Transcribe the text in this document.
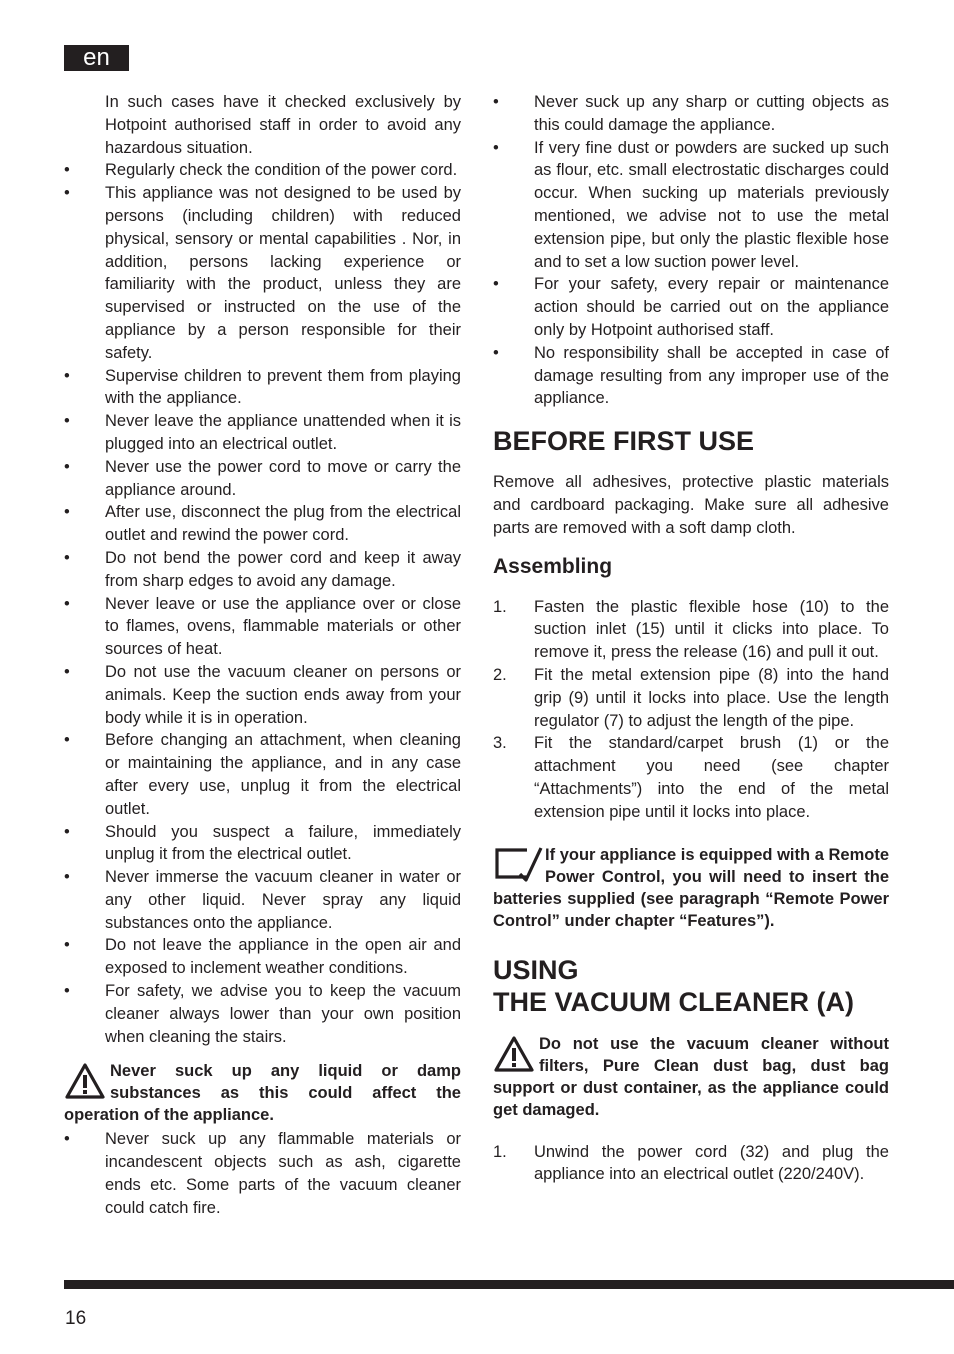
en

In such cases have it checked exclusively by Hotpoint authorised staff in order to avoid any hazardous situation.

•	Regularly check the condition of the power cord.
•	This appliance was not designed to be used by persons (including children) with reduced physical, sensory or mental capabilities . Nor, in addition, persons lacking experience or familiarity with the product, unless they are supervised or instructed on the use of the appliance by a person responsible for their safety.
•	Supervise children to prevent them from playing with the appliance.
•	Never leave the appliance unattended when it is plugged into an electrical outlet.
•	Never use the power cord to move or carry the appliance around.
•	After use, disconnect the plug from the electrical outlet and rewind the power cord.
•	Do not bend the power cord and keep it away from sharp edges to avoid any damage.
•	Never leave or use the appliance over or close to flames, ovens, flammable materials or other sources of heat.
•	Do not use the vacuum cleaner on persons or animals. Keep the suction ends away from your body while it is in operation.
•	Before changing an attachment, when cleaning or maintaining the appliance, and in any case after every use, unplug it from the electrical outlet.
•	Should you suspect a failure, immediately unplug it from the electrical outlet.
•	Never immerse the vacuum cleaner in water or any other liquid. Never spray any liquid substances onto the appliance.
•	Do not leave the appliance in the open air and exposed to inclement weather conditions.
•	For safety, we advise you to keep the vacuum cleaner always lower than your own position when cleaning the stairs.
Never suck up any liquid or damp substances as this could affect the operation of the appliance.
•	Never suck up any flammable materials or incandescent objects such as ash, cigarette ends etc. Some parts of the vacuum cleaner could catch fire.
•	Never suck up any sharp or cutting objects as this could damage the appliance.
•	If very fine dust or powders are sucked up such as flour, etc. small electrostatic discharges could occur. When sucking up materials previously mentioned, we advise not to use the metal extension pipe, but only the plastic flexible hose and to set a low suction power level.
•	For your safety, every repair or maintenance action should be carried out on the appliance only by Hotpoint authorised staff.
•	No responsibility shall be accepted in case of damage resulting from any improper use of the appliance.
BEFORE FIRST USE

Remove all adhesives, protective plastic materials and cardboard packaging. Make sure all adhesive parts are removed with a soft damp cloth.

Assembling
1.	Fasten the plastic flexible hose (10) to the suction inlet (15) until it clicks into place. To remove it, press the release (16) and pull it out.
2.	Fit the metal extension pipe (8) into the hand grip (9) until it locks into place. Use the length regulator (7) to adjust the length of the pipe.
3.	Fit the standard/carpet brush (1) or the attachment you need (see chapter “Attachments”) into the end of the metal extension pipe until it locks into place.
If your appliance is equipped with a Remote Power Control, you will need to insert the batteries supplied (see paragraph “Remote Power Control” under chapter “Features”).
USING
THE VACUUM CLEANER (A)
Do not use the vacuum cleaner without filters, Pure Clean dust bag, dust bag support or dust container, as the appliance could get damaged.
1.	Unwind the power cord (32) and plug the appliance into an electrical outlet (220/240V).
16
